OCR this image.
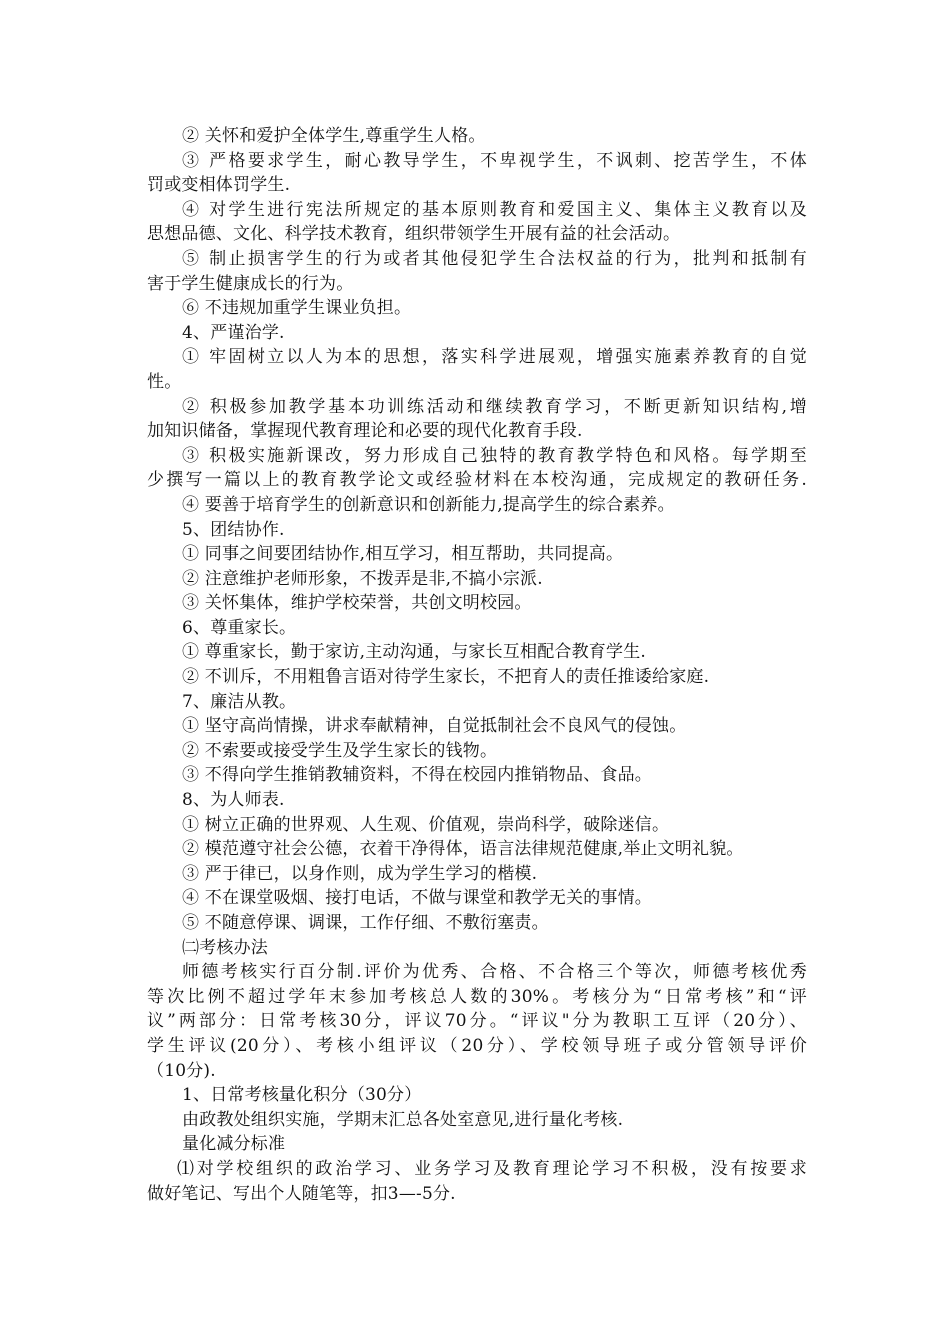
② 关怀和爱护全体学生,尊重学生人格。
③ 严格要求学生，耐心教导学生，不卑视学生，不讽刺、挖苦学生，不体
罚或变相体罚学生.
④ 对学生进行宪法所规定的基本原则教育和爱国主义、集体主义教育以及
思想品德、文化、科学技术教育，组织带领学生开展有益的社会活动。
⑤ 制止损害学生的行为或者其他侵犯学生合法权益的行为，批判和抵制有
害于学生健康成长的行为。
⑥ 不违规加重学生课业负担。
4、严谨治学.
① 牢固树立以人为本的思想，落实科学进展观，增强实施素养教育的自觉
性。
② 积极参加教学基本功训练活动和继续教育学习，不断更新知识结构,增
加知识储备，掌握现代教育理论和必要的现代化教育手段.
③ 积极实施新课改，努力形成自己独特的教育教学特色和风格。每学期至
少撰写一篇以上的教育教学论文或经验材料在本校沟通，完成规定的教研任务.
④ 要善于培育学生的创新意识和创新能力,提高学生的综合素养。
5、团结协作.
① 同事之间要团结协作,相互学习，相互帮助，共同提高。
② 注意维护老师形象，不拨弄是非,不搞小宗派.
③ 关怀集体，维护学校荣誉，共创文明校园。
6、尊重家长。
① 尊重家长，勤于家访,主动沟通，与家长互相配合教育学生.
② 不训斥，不用粗鲁言语对待学生家长，不把育人的责任推诿给家庭.
7、廉洁从教。
① 坚守高尚情操，讲求奉献精神，自觉抵制社会不良风气的侵蚀。
② 不索要或接受学生及学生家长的钱物。
③ 不得向学生推销教辅资料，不得在校园内推销物品、食品。
8、为人师表.
① 树立正确的世界观、人生观、价值观，崇尚科学，破除迷信。
② 模范遵守社会公德，衣着干净得体，语言法律规范健康,举止文明礼貌。
③ 严于律已，以身作则，成为学生学习的楷模.
④ 不在课堂吸烟、接打电话，不做与课堂和教学无关的事情。
⑤ 不随意停课、调课，工作仔细、不敷衍塞责。
㈡考核办法
师德考核实行百分制.评价为优秀、合格、不合格三个等次，师德考核优秀
等次比例不超过学年末参加考核总人数的30%。考核分为“日常考核”和“评
议”两部分：日常考核30分，评议70分。“评议"分为教职工互评（20分）、
学生评议(20分）、考核小组评议（20分）、学校领导班子或分管领导评价
（10分).
1、日常考核量化积分（30分）
由政教处组织实施，学期末汇总各处室意见,进行量化考核.
量化减分标准
⑴对学校组织的政治学习、业务学习及教育理论学习不积极，没有按要求
做好笔记、写出个人随笔等，扣3—-5分.
